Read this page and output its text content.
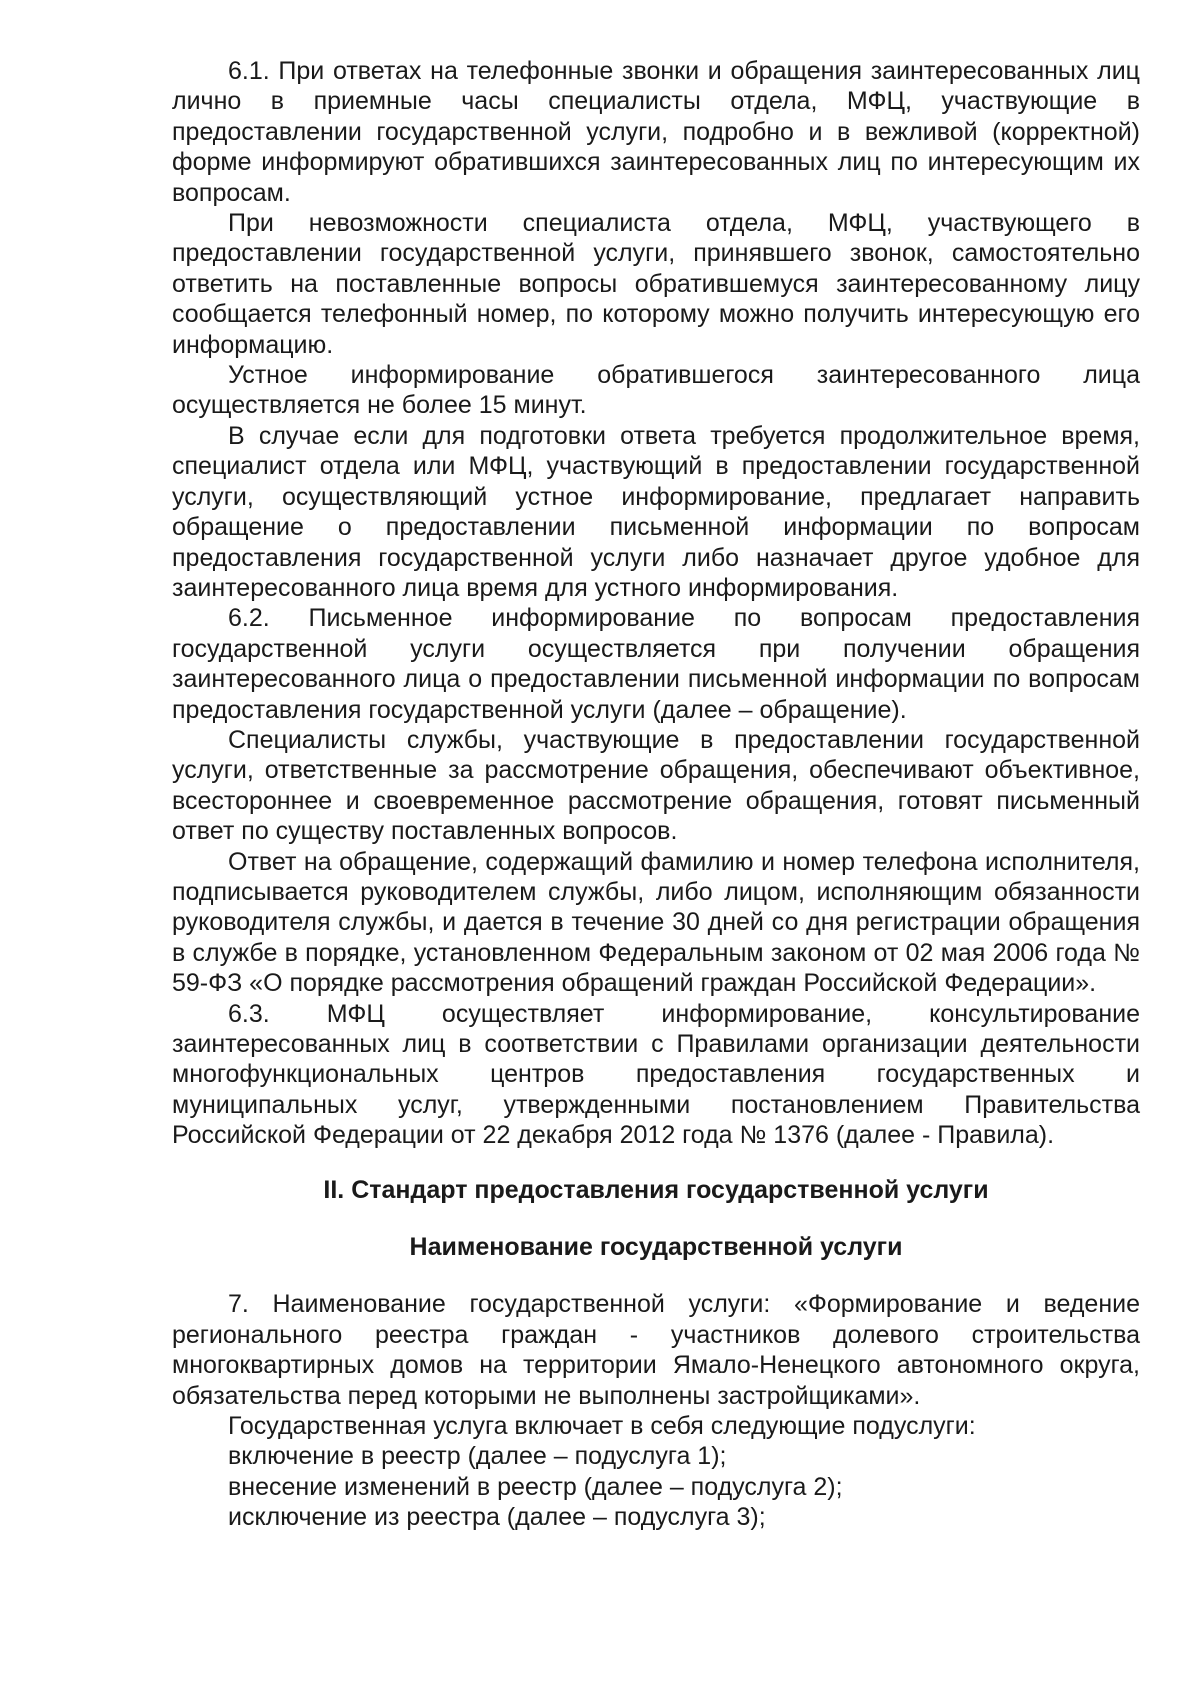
6.1. При ответах на телефонные звонки и обращения заинтересованных лиц лично в приемные часы специалисты отдела, МФЦ, участвующие в предоставлении государственной услуги, подробно и в вежливой (корректной) форме информируют обратившихся заинтересованных лиц по интересующим их вопросам.

При невозможности специалиста отдела, МФЦ, участвующего в предоставлении государственной услуги, принявшего звонок, самостоятельно ответить на поставленные вопросы обратившемуся заинтересованному лицу сообщается телефонный номер, по которому можно получить интересующую его информацию.

Устное информирование обратившегося заинтересованного лица осуществляется не более 15 минут.

В случае если для подготовки ответа требуется продолжительное время, специалист отдела или МФЦ, участвующий в предоставлении государственной услуги, осуществляющий устное информирование, предлагает направить обращение о предоставлении письменной информации по вопросам предоставления государственной услуги либо назначает другое удобное для заинтересованного лица время для устного информирования.

6.2. Письменное информирование по вопросам предоставления государственной услуги осуществляется при получении обращения заинтересованного лица о предоставлении письменной информации по вопросам предоставления государственной услуги (далее – обращение).

Специалисты службы, участвующие в предоставлении государственной услуги, ответственные за рассмотрение обращения, обеспечивают объективное, всестороннее и своевременное рассмотрение обращения, готовят письменный ответ по существу поставленных вопросов.

Ответ на обращение, содержащий фамилию и номер телефона исполнителя, подписывается руководителем службы, либо лицом, исполняющим обязанности руководителя службы, и дается в течение 30 дней со дня регистрации обращения в службе в порядке, установленном Федеральным законом от 02 мая 2006 года № 59-ФЗ «О порядке рассмотрения обращений граждан Российской Федерации».

6.3. МФЦ осуществляет информирование, консультирование заинтересованных лиц в соответствии с Правилами организации деятельности многофункциональных центров предоставления государственных и муниципальных услуг, утвержденными постановлением Правительства Российской Федерации от 22 декабря 2012 года № 1376 (далее - Правила).

II. Стандарт предоставления государственной услуги

Наименование государственной услуги

7. Наименование государственной услуги: «Формирование и ведение регионального реестра граждан - участников долевого строительства многоквартирных домов на территории Ямало-Ненецкого автономного округа, обязательства перед которыми не выполнены застройщиками».

Государственная услуга включает в себя следующие подуслуги:
включение в реестр (далее – подуслуга 1);
внесение изменений в реестр (далее – подуслуга 2);
исключение из реестра (далее – подуслуга 3);
